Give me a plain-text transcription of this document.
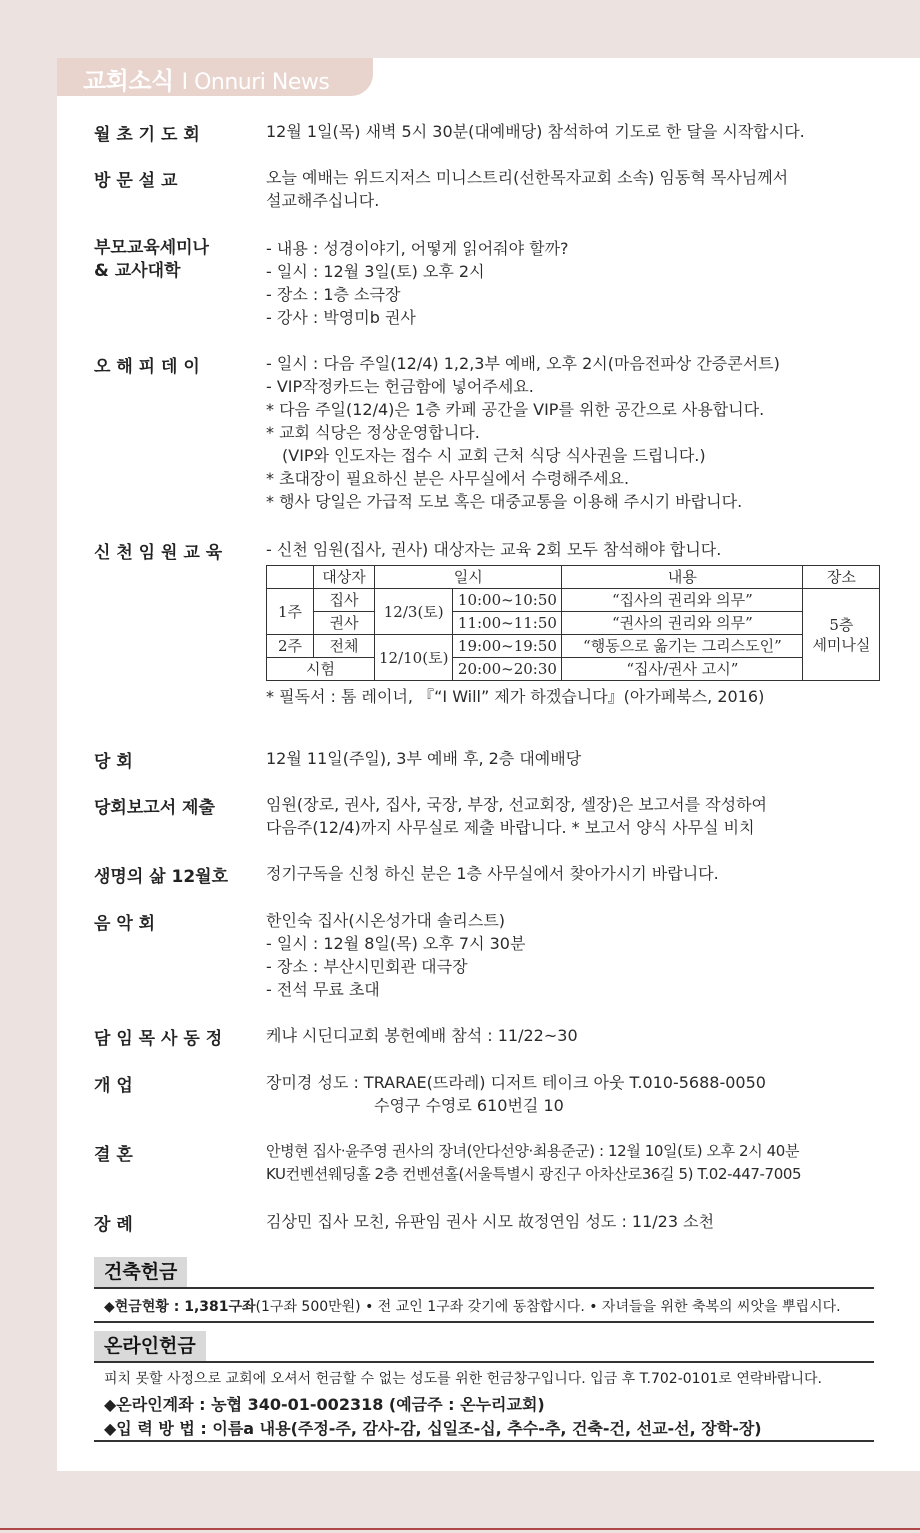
교회소식 I Onnuri News
월 초 기 도 회	12월 1일(목) 새벽 5시 30분(대예배당) 참석하여 기도로 한 달을 시작합시다.
방 문 설 교	오늘 예배는 위드지저스 미니스트리(선한목자교회 소속) 임동혁 목사님께서
설교해주십니다.
부모교육세미나
& 교사대학
- 내용 : 성경이야기, 어떻게 읽어줘야 할까?
- 일시 : 12월 3일(토) 오후 2시
- 장소 : 1층 소극장
- 강사 : 박영미b 권사
오 해 피 데 이	- 일시 : 다음 주일(12/4) 1,2,3부 예배, 오후 2시(마음전파상 간증콘서트)
- VIP작정카드는 헌금함에 넣어주세요.
* 다음 주일(12/4)은 1층 카페 공간을 VIP를 위한 공간으로 사용합니다.
* 교회 식당은 정상운영합니다.
(VIP와 인도자는 접수 시 교회 근처 식당 식사권을 드립니다.)
* 초대장이 필요하신 분은 사무실에서 수령해주세요.
* 행사 당일은 가급적 도보 혹은 대중교통을 이용해 주시기 바랍니다.
신 천 임 원 교 육	- 신천 임원(집사, 권사) 대상자는 교육 2회 모두 참석해야 합니다.
	대상자	일시		내용	장소
1주	집사	12/3(토)	10:00~10:50	“집사의 권리와 의무”	5층
세미나실

	권사		11:00~11:50	“권사의 권리와 의무”	
2주	전체	12/10(토)	19:00~19:50	“행동으로 옮기는 그리스도인”	
시험			20:00~20:30	“집사/권사 고시”	
* 필독서 : 톰 레이너, 『“I Will” 제가 하겠습니다』(아가페북스, 2016)
당 회	12월 11일(주일), 3부 예배 후, 2층 대예배당
당회보고서 제출	임원(장로, 권사, 집사, 국장, 부장, 선교회장, 셀장)은 보고서를 작성하여
다음주(12/4)까지 사무실로 제출 바랍니다. * 보고서 양식 사무실 비치
생명의 삶 12월호	정기구독을 신청 하신 분은 1층 사무실에서 찾아가시기 바랍니다.
음 악 회	한인숙 집사(시온성가대 솔리스트)
- 일시 : 12월 8일(목) 오후 7시 30분
- 장소 : 부산시민회관 대극장
- 전석 무료 초대
담 임 목 사 동 정	케냐 시딘디교회 봉헌예배 참석 : 11/22~30
개 업	장미경 성도 : TRARAE(뜨라레) 디저트 테이크 아웃 T.010-5688-0050
수영구 수영로 610번길 10
결 혼	안병현 집사·윤주영 권사의 장녀(안다선양·최용준군) : 12월 10일(토) 오후 2시 40분
KU컨벤션웨딩홀 2층 컨벤션홀(서울특별시 광진구 아차산로36길 5) T.02-447-7005
장 례	김상민 집사 모친, 유판임 권사 시모 故정연임 성도 : 11/23 소천
건축헌금
◆현금현황 : 1,381구좌(1구좌 500만원) • 전 교인 1구좌 갖기에 동참합시다. • 자녀들을 위한 축복의 씨앗을 뿌립시다.
온라인헌금
피치 못할 사정으로 교회에 오셔서 헌금할 수 없는 성도를 위한 헌금창구입니다. 입금 후 T.702-0101로 연락바랍니다.
◆온라인계좌 : 농협 340-01-002318 (예금주 : 온누리교회)
◆입 력 방 법 : 이름a 내용(주정-주, 감사-감, 십일조-십, 추수-추, 건축-건, 선교-선, 장학-장)
